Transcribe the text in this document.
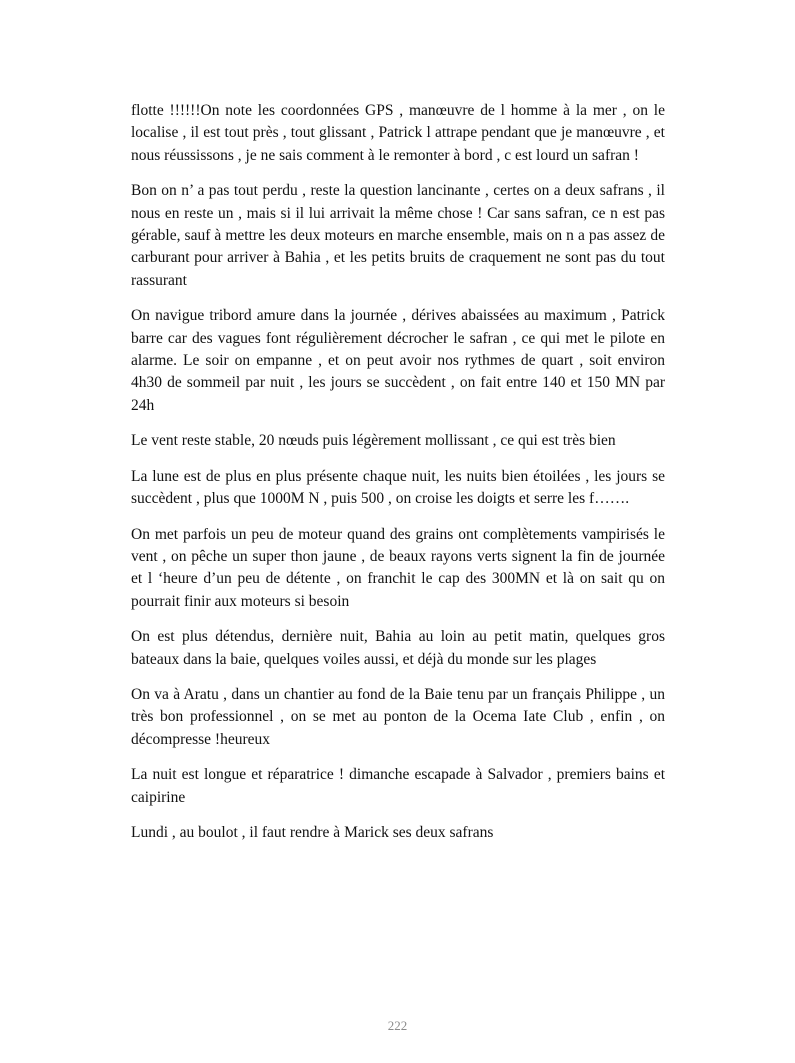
flotte !!!!!!On note les coordonnées GPS , manœuvre de l homme à la mer , on le localise , il est tout près , tout glissant , Patrick l attrape pendant que je manœuvre , et nous réussissons , je ne sais comment à le remonter à bord , c est lourd un safran !

Bon on n’ a pas tout perdu , reste la question lancinante , certes on a deux safrans , il nous en reste un , mais si il lui arrivait la même chose ! Car sans safran, ce n est pas gérable, sauf à mettre les deux moteurs en marche ensemble, mais on n a pas assez de carburant pour arriver à Bahia , et les petits bruits de craquement ne sont pas du tout rassurant

On navigue tribord amure dans la journée , dérives abaissées au maximum , Patrick barre car des vagues font régulièrement décrocher le safran , ce qui met le pilote en alarme. Le soir on empanne , et on peut avoir nos rythmes de quart , soit environ 4h30 de sommeil par nuit , les jours se succèdent , on fait entre 140 et 150 MN par 24h

Le vent reste stable, 20 nœuds puis légèrement mollissant , ce qui est très bien

La lune est de plus en plus présente chaque nuit, les nuits bien étoilées , les jours se succèdent , plus que 1000M N , puis 500 , on croise les doigts et serre les f…….

On met parfois un peu de moteur quand des grains ont complètements vampirisés le vent , on pêche un super thon jaune , de beaux rayons verts signent la fin de journée et l ‘heure d’un peu de détente , on franchit le cap des 300MN et là on sait qu on pourrait finir aux moteurs si besoin

On est plus détendus, dernière nuit, Bahia au loin au petit matin, quelques gros bateaux dans la baie, quelques voiles aussi, et déjà du monde sur les plages

On va à Aratu , dans un chantier au fond de la Baie tenu par un français Philippe , un très bon professionnel , on se met au ponton de la Ocema Iate Club , enfin , on décompresse !heureux

La nuit est longue et réparatrice ! dimanche escapade à Salvador , premiers bains et caipirine

Lundi , au boulot , il faut rendre à Marick ses deux safrans

222
